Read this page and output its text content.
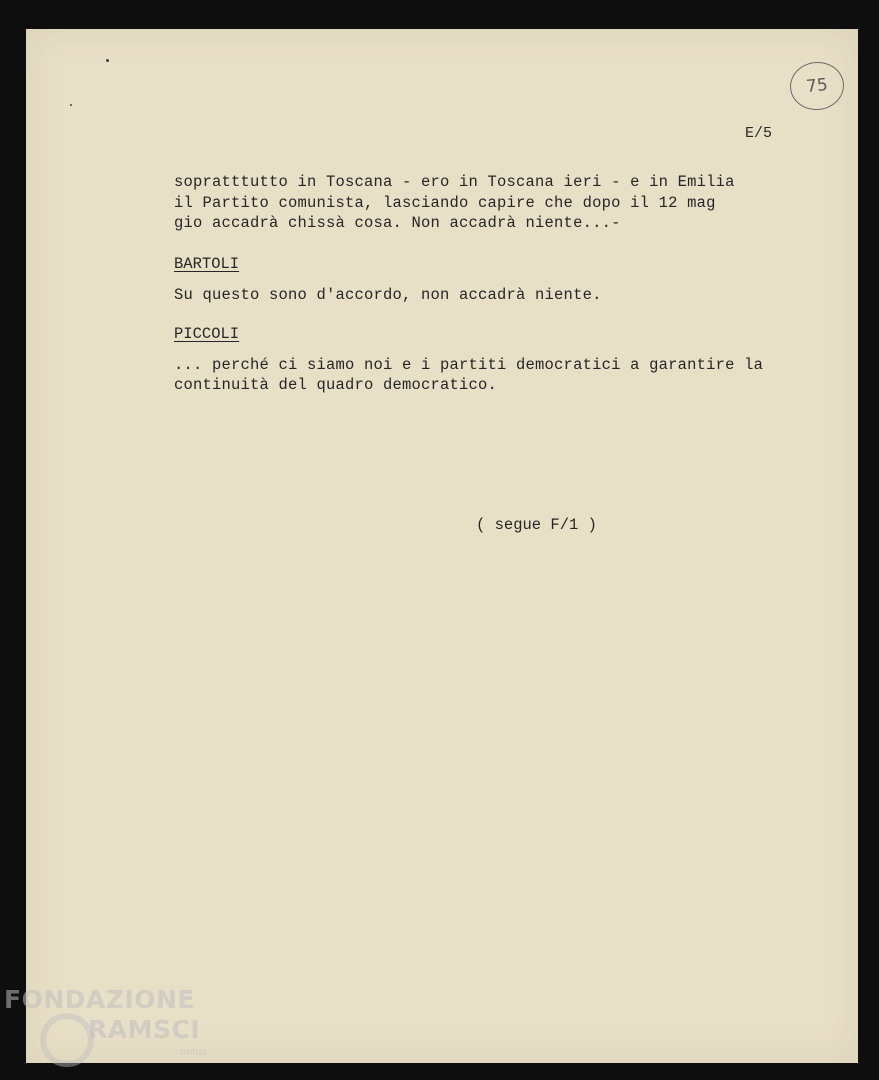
75
E/5
sopratttutto in Toscana - ero in Toscana ieri - e in Emilia
il Partito comunista, lasciando capire che dopo il 12 mag
gio accadrà chissà cosa. Non accadrà niente...-
BARTOLI
Su questo sono d'accordo, non accadrà niente.
PICCOLI
... perché ci siamo noi e i partiti democratici a garantire la
continuità del quadro democratico.
( segue F/1 )
FONDAZIONE
RAMSCI
onlus
